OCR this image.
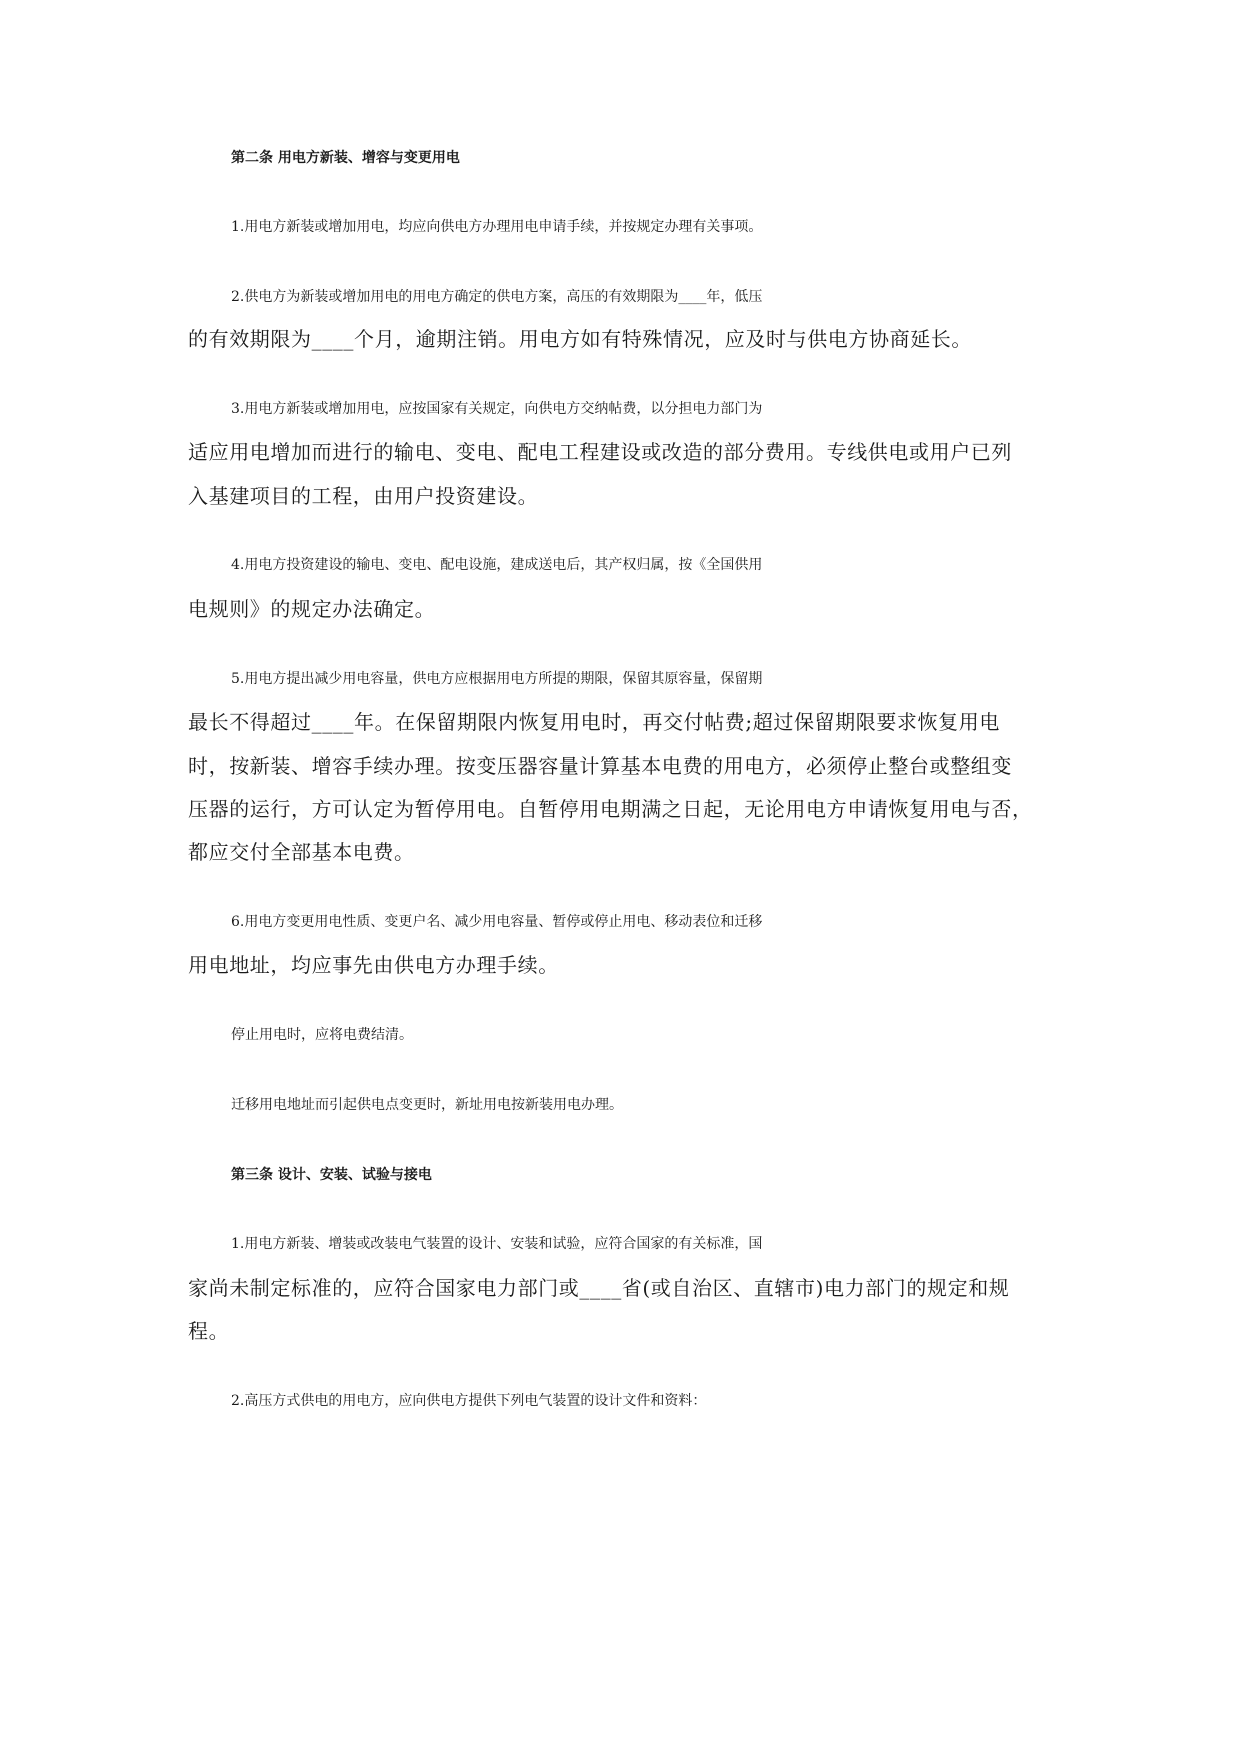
第二条 用电方新装、增容与变更用电
1.用电方新装或增加用电，均应向供电方办理用电申请手续，并按规定办理有关事项。
2.供电方为新装或增加用电的用电方确定的供电方案，高压的有效期限为____年，低压
的有效期限为____个月，逾期注销。用电方如有特殊情况，应及时与供电方协商延长。
3.用电方新装或增加用电，应按国家有关规定，向供电方交纳帖费，以分担电力部门为
适应用电增加而进行的输电、变电、配电工程建设或改造的部分费用。专线供电或用户已列
入基建项目的工程，由用户投资建设。
4.用电方投资建设的输电、变电、配电设施，建成送电后，其产权归属，按《全国供用
电规则》的规定办法确定。
5.用电方提出减少用电容量，供电方应根据用电方所提的期限，保留其原容量，保留期
最长不得超过____年。在保留期限内恢复用电时，再交付帖费;超过保留期限要求恢复用电
时，按新装、增容手续办理。按变压器容量计算基本电费的用电方，必须停止整台或整组变
压器的运行，方可认定为暂停用电。自暂停用电期满之日起，无论用电方申请恢复用电与否，
都应交付全部基本电费。
6.用电方变更用电性质、变更户名、减少用电容量、暂停或停止用电、移动表位和迁移
用电地址，均应事先由供电方办理手续。
停止用电时，应将电费结清。
迁移用电地址而引起供电点变更时，新址用电按新装用电办理。
第三条 设计、安装、试验与接电
1.用电方新装、增装或改装电气装置的设计、安装和试验，应符合国家的有关标准，国
家尚未制定标准的，应符合国家电力部门或____省(或自治区、直辖市)电力部门的规定和规
程。
2.高压方式供电的用电方，应向供电方提供下列电气装置的设计文件和资料：
